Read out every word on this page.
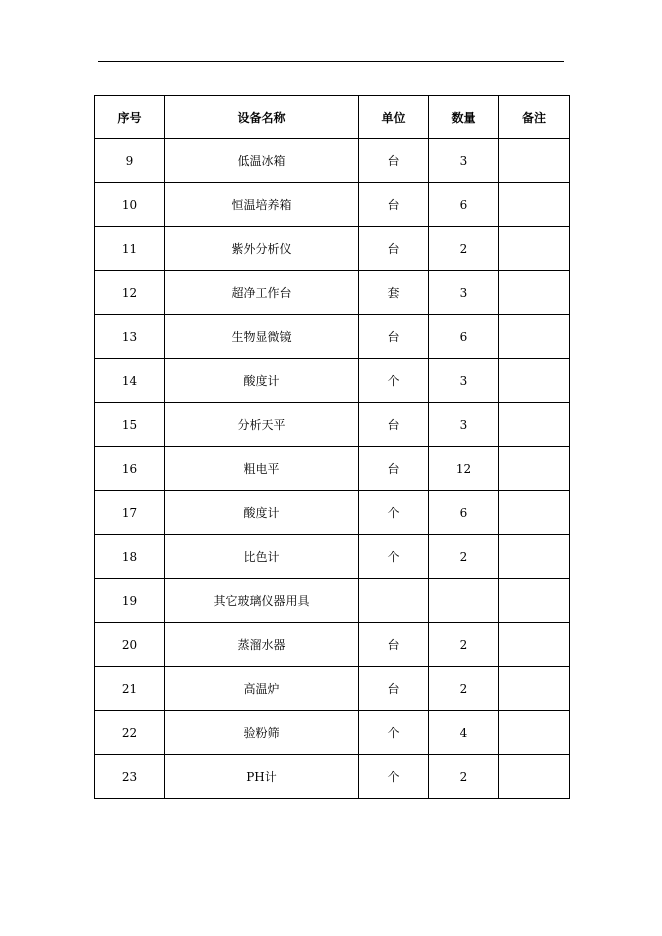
序号	设备名称	单位	数量	备注
9	低温冰箱	台	3	
10	恒温培养箱	台	6	
11	紫外分析仪	台	2	
12	超净工作台	套	3	
13	生物显微镜	台	6	
14	酸度计	个	3	
15	分析天平	台	3	
16	粗电平	台	12	
17	酸度计	个	6	
18	比色计	个	2	
19	其它玻璃仪器用具			
20	蒸溜水器	台	2	
21	高温炉	台	2	
22	验粉筛	个	4	
23	PH计	个	2	
